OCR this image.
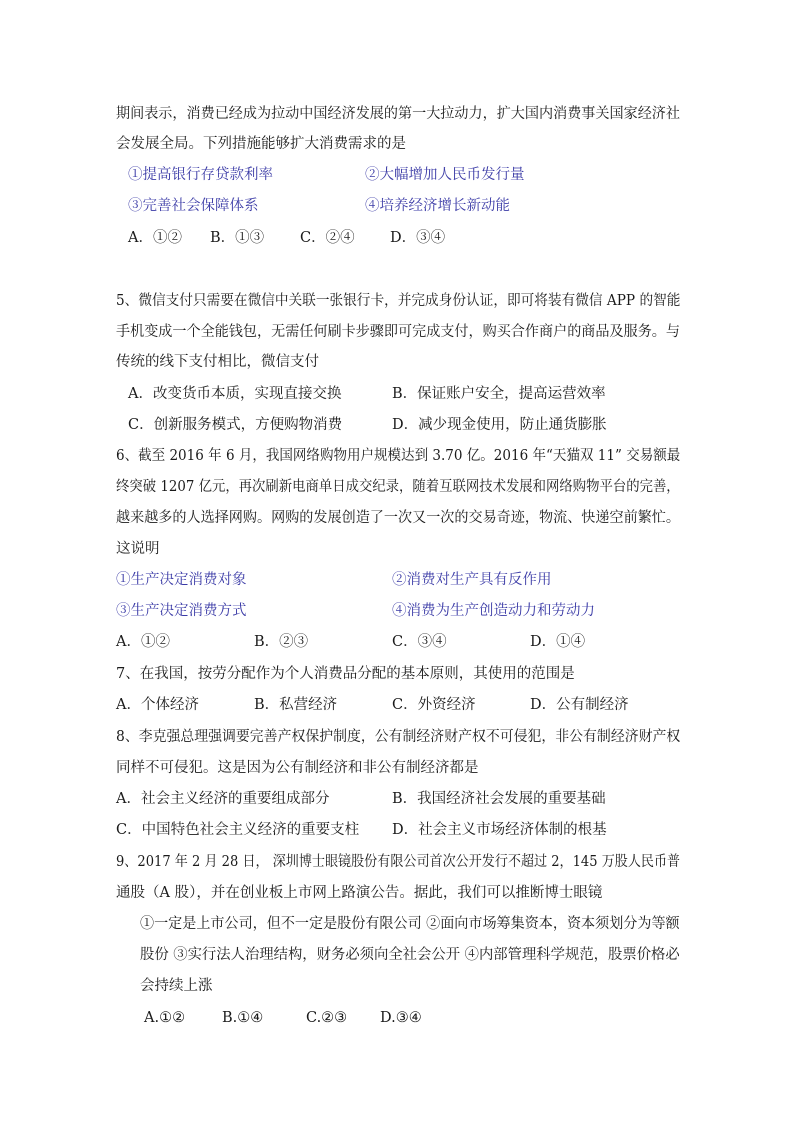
期间表示，消费已经成为拉动中国经济发展的第一大拉动力，扩大国内消费事关国家经济社
会发展全局。下列措施能够扩大消费需求的是
①提高银行存贷款利率	②大幅增加人民币发行量
③完善社会保障体系	④培养经济增长新动能
A．①② B．①③ C．②④ D．③④
5、微信支付只需要在微信中关联一张银行卡，并完成身份认证，即可将装有微信 APP 的智能
手机变成一个全能钱包，无需任何刷卡步骤即可完成支付，购买合作商户的商品及服务。与
传统的线下支付相比，微信支付
A．改变货币本质，实现直接交换	B．保证账户安全，提高运营效率
C．创新服务模式，方便购物消费	D．减少现金使用，防止通货膨胀
6、截至 2016 年 6 月，我国网络购物用户规模达到 3.70 亿。2016 年“天猫双 11” 交易额最
终突破 1207 亿元，再次刷新电商单日成交纪录，随着互联网技术发展和网络购物平台的完善，
越来越多的人选择网购。网购的发展创造了一次又一次的交易奇迹，物流、快递空前繁忙。
这说明
①生产决定消费对象	②消费对生产具有反作用
③生产决定消费方式	④消费为生产创造动力和劳动力
A．①②	B．②③	C．③④	D．①④
7、在我国，按劳分配作为个人消费品分配的基本原则，其使用的范围是
A．个体经济	B．私营经济	C．外资经济	D．公有制经济
8、李克强总理强调要完善产权保护制度，公有制经济财产权不可侵犯，非公有制经济财产权
同样不可侵犯。这是因为公有制经济和非公有制经济都是
A．社会主义经济的重要组成部分	B．我国经济社会发展的重要基础
C．中国特色社会主义经济的重要支柱 D．社会主义市场经济体制的根基
9、2017 年 2 月 28 日， 深圳博士眼镜股份有限公司首次公开发行不超过 2，145 万股人民币普
通股（A 股），并在创业板上市网上路演公告。据此，我们可以推断博士眼镜
①一定是上市公司，但不一定是股份有限公司 ②面向市场筹集资本，资本须划分为等额
股份 ③实行法人治理结构，财务必须向全社会公开 ④内部管理科学规范，股票价格必
会持续上涨
A.①②	B.①④	C.②③ D.③④
